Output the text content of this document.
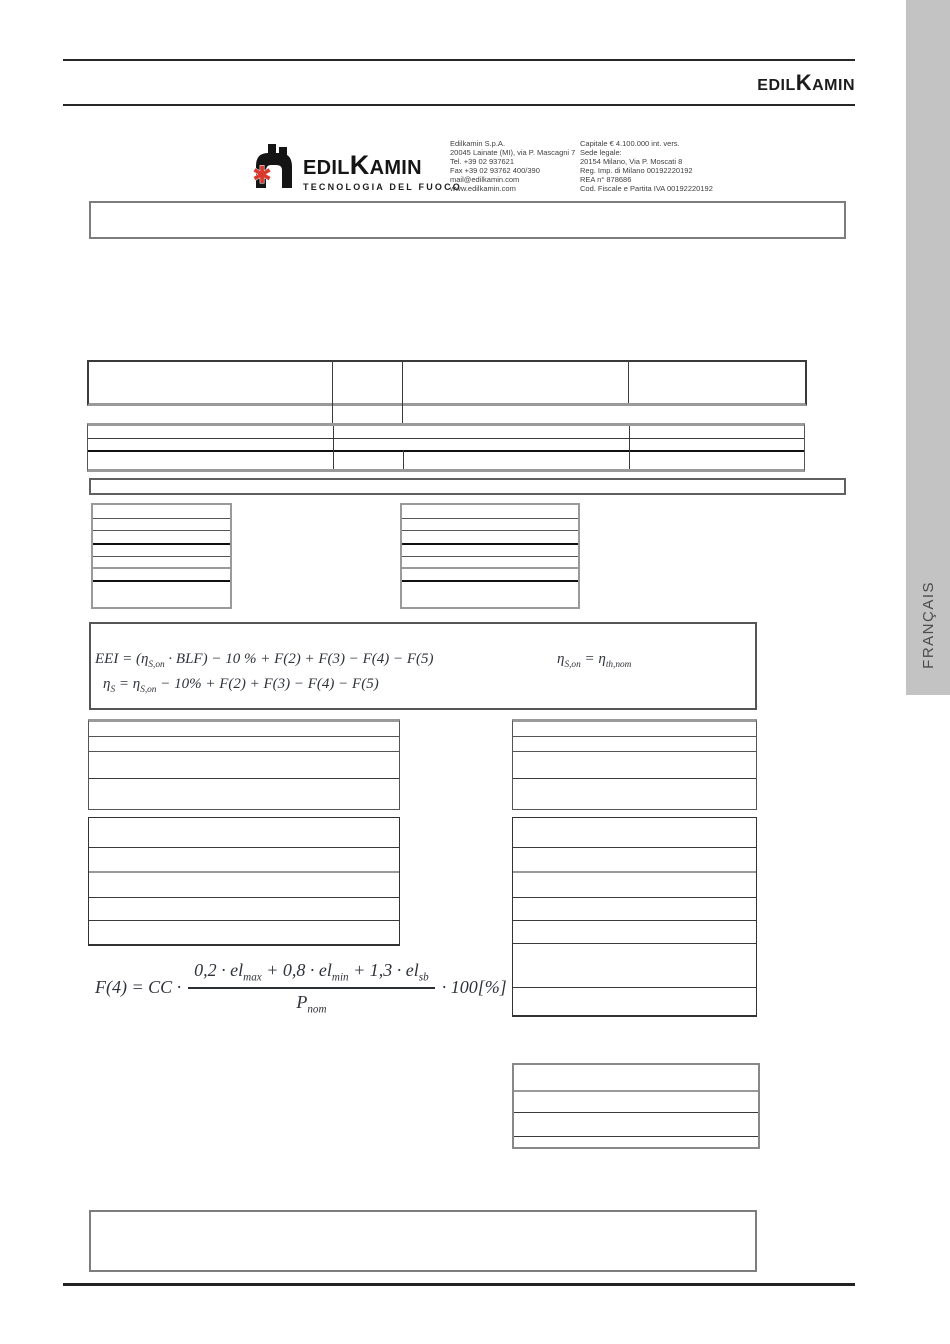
EDIL K AMIN
✱ EDIL K AMIN
TECNOLOGIA DEL FUOCO
Edilkamin S.p.A.
20045 Lainate (MI), via P. Mascagni 7
Tel. +39 02 937621
Fax +39 02 93762 400/390
mail@edilkamin.com
www.edilkamin.com
Capitale € 4.100.000 int. vers.
Sede legale:
20154 Milano, Via P. Moscati 8
Reg. Imp. di Milano 00192220192
REA n° 878686
Cod. Fiscale e Partita IVA 00192220192
EEI = $(\eta_{S,on} \cdot BLF) - 10$ % + F(2) + F(3) − F(4) − F(5)
$\eta_S = \eta_{S,on} - 10\% + F(2) + F(3) - F(4) - F(5)$
$\eta_{S,on} = \eta_{th,nom}$
F(4) = CC · $\frac{0,2 \cdot el_{max} + 0,8 \cdot el_{min} + 1,3 \cdot el_{sb}}{P_{nom}} \cdot 100[\%]$
FRANÇAIS
